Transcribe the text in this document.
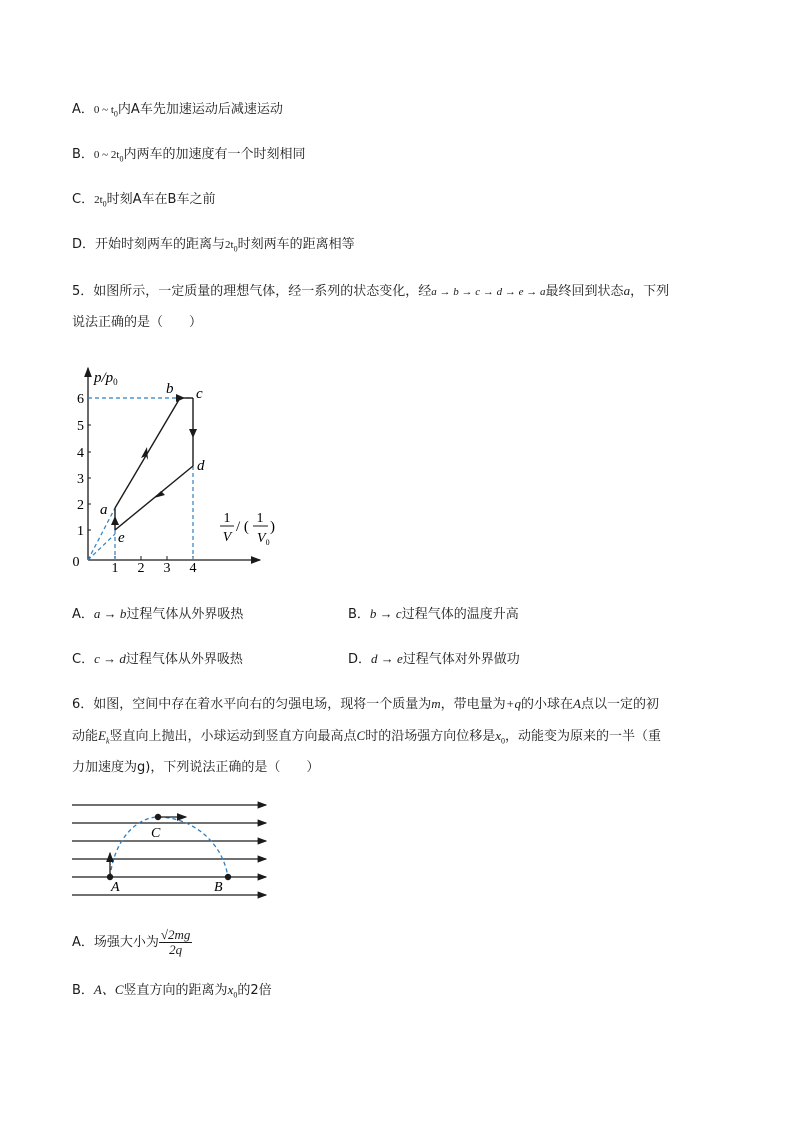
A．0 ~ $t_0$内A车先加速运动后减速运动
B．0 ~ $2t_0$内两车的加速度有一个时刻相同
C．$2t_0$时刻A车在B车之前
D．开始时刻两车的距离与$2t_0$时刻两车的距离相等
5．如图所示，一定质量的理想气体，经一系列的状态变化，经a → b → c → d → e → a最终回到状态a，下列
说法正确的是（　　）
$p/p_0$
1
2
3
4
5
6
0 1 2 3 4
1
V
/ (
1
$V_0$
)
a
b c
d
e
A．a → b过程气体从外界吸热	B．b → c过程气体的温度升高
C．c → d过程气体从外界吸热	D．d → e过程气体对外界做功
6．如图，空间中存在着水平向右的匀强电场，现将一个质量为m，带电量为+q的小球在A点以一定的初
动能$E_k$竖直向上抛出，小球运动到竖直方向最高点C时的沿场强方向位移是$x_0$，动能变为原来的一半（重
力加速度为g)，下列说法正确的是（　　）
A	B
C
A．场强大小为 $\frac{√2mg}{2q}$
B．A、C竖直方向的距离为$x_0$的2倍
